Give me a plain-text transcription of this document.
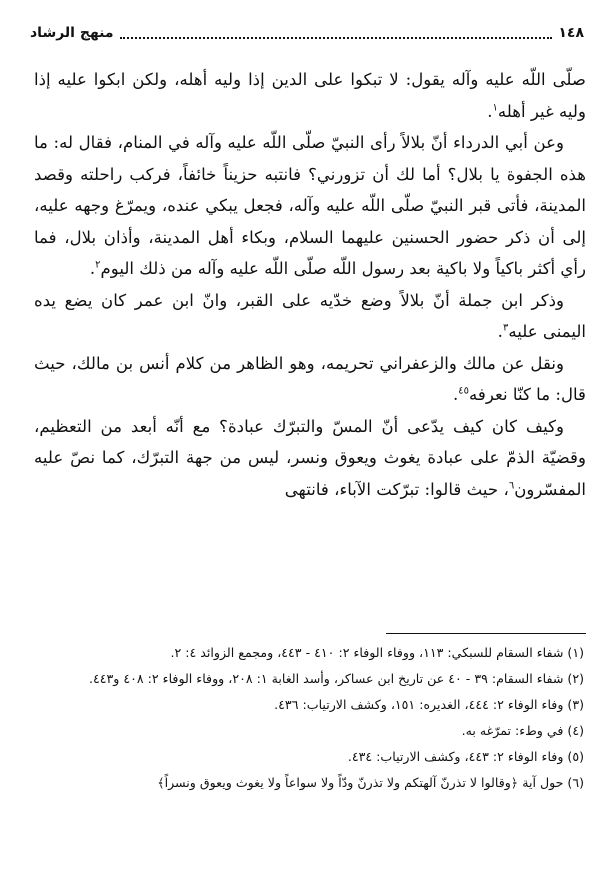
١٤٨
منهج الرشاد

صلّى اللّه عليه وآله يقول: لا تبكوا على الدين إذا وليه أهله، ولكن ابكوا عليه إذا وليه غير أهله$^١$.

وعن أبي الدرداء أنّ بلالاً رأى النبيّ صلّى اللّه عليه وآله في المنام، فقال له: ما هذه الجفوة يا بلال؟ أما لك أن تزورني؟ فانتبه حزيناً خائفاً، فركب راحلته وقصد المدينة، فأتى قبر النبيّ صلّى اللّه عليه وآله، فجعل يبكي عنده، ويمرّغ وجهه عليه، إلى أن ذكر حضور الحسنين عليهما السلام، وبكاء أهل المدينة، وأذان بلال، فما رأي أكثر باكياً ولا باكية بعد رسول اللّه صلّى اللّه عليه وآله من ذلك اليوم$^٢$.

وذكر ابن جملة أنّ بلالاً وضع خدّيه على القبر، وانّ ابن عمر كان يضع يده اليمنى عليه$^٣$.

ونقل عن مالك والزعفراني تحريمه، وهو الظاهر من كلام أنس بن مالك، حيث قال: ما كنّا نعرفه$^{٤٥}$.

وكيف كان كيف يدّعى أنّ المسّ والتبرّك عبادة؟ مع أنّه أبعد من التعظيم، وقضيّة الذمّ على عبادة يغوث ويعوق ونسر، ليس من جهة التبرّك، كما نصّ عليه المفسّرون$^٦$، حيث قالوا: تبرّكت الآباء، فانتهى

(١) شفاء السقام للسبكي: ١١٣، ووفاء الوفاء ٢: ٤١٠ - ٤٤٣، ومجمع الزوائد ٤: ٢.

(٢) شفاء السقام: ٣٩ - ٤٠ عن تاريخ ابن عساكر، وأسد الغابة ١: ٢٠٨، ووفاء الوفاء ٢: ٤٠٨ و٤٤٣.

(٣) وفاء الوفاء ٢: ٤٤٤، الغديره: ١٥١، وكشف الارتياب: ٤٣٦.

(٤) في وطء: تمرّغه به.

(٥) وفاء الوفاء ٢: ٤٤٣، وكشف الارتياب: ٤٣٤.

(٦) حول آية ﴿وقالوا لا تذرنّ آلهتكم ولا تذرنّ ودّاً ولا سواعاً ولا يغوث ويعوق ونسراً﴾
